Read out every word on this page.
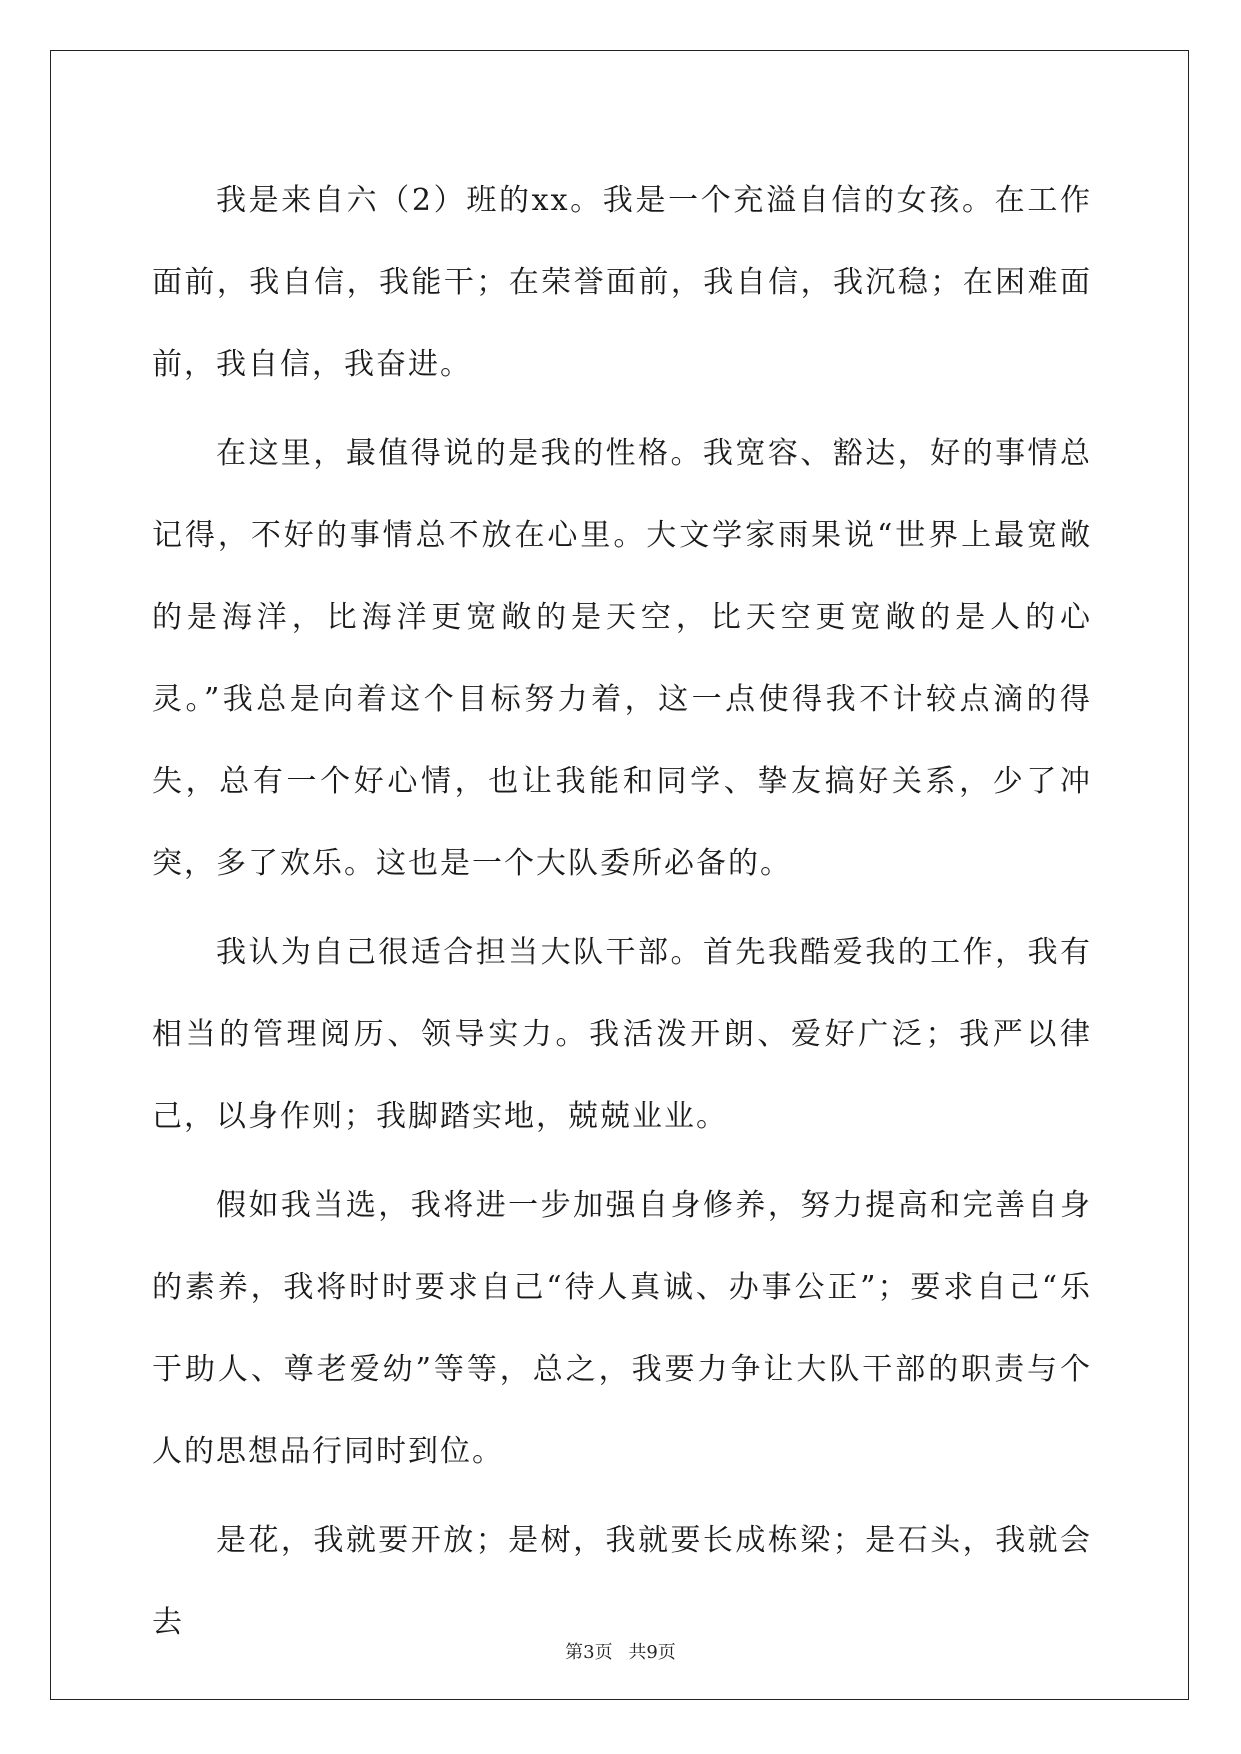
我是来自六（2）班的xx。我是一个充溢自信的女孩。在工作面前，我自信，我能干；在荣誉面前，我自信，我沉稳；在困难面前，我自信，我奋进。

在这里，最值得说的是我的性格。我宽容、豁达，好的事情总记得，不好的事情总不放在心里。大文学家雨果说“世界上最宽敞的是海洋，比海洋更宽敞的是天空，比天空更宽敞的是人的心灵。”我总是向着这个目标努力着，这一点使得我不计较点滴的得失，总有一个好心情，也让我能和同学、挚友搞好关系，少了冲突，多了欢乐。这也是一个大队委所必备的。

我认为自己很适合担当大队干部。首先我酷爱我的工作，我有相当的管理阅历、领导实力。我活泼开朗、爱好广泛；我严以律己，以身作则；我脚踏实地，兢兢业业。

假如我当选，我将进一步加强自身修养，努力提高和完善自身的素养，我将时时要求自己“待人真诚、办事公正”；要求自己“乐于助人、尊老爱幼”等等，总之，我要力争让大队干部的职责与个人的思想品行同时到位。

是花，我就要开放；是树，我就要长成栋梁；是石头，我就会去

第3页 共9页
